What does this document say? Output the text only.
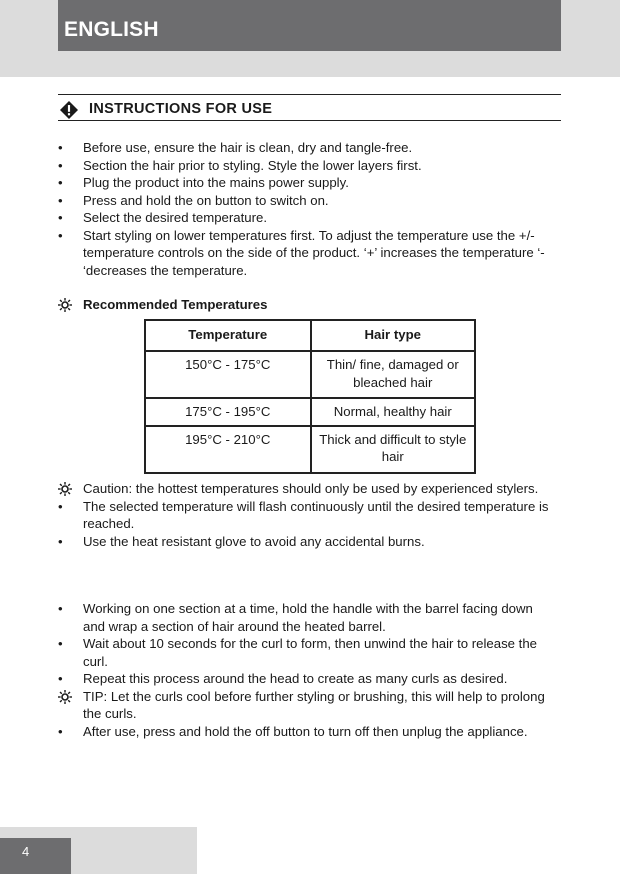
ENGLISH
INSTRUCTIONS FOR USE
•	Before use, ensure the hair is clean, dry and tangle-free.
•	Section the hair prior to styling. Style the lower layers first.
•	Plug the product into the mains power supply.
•	Press and hold the on button to switch on.
•	Select the desired temperature.
•	Start styling on lower temperatures first. To adjust the temperature use the +/- temperature controls on the side of the product. ‘+’ increases the temperature ‘- ‘decreases the temperature.
Recommended Temperatures
Temperature	Hair type
150°C - 175°C	Thin/ fine, damaged or bleached hair
175°C - 195°C	Normal, healthy hair
195°C - 210°C	Thick and difficult to style hair
Caution: the hottest temperatures should only be used by experienced stylers.
•	The selected temperature will flash continuously until the desired temperature is reached.
•	Use the heat resistant glove to avoid any accidental burns.
•	Working on one section at a time, hold the handle with the barrel facing down and wrap a section of hair around the heated barrel.
•	Wait about 10 seconds for the curl to form, then unwind the hair to release the curl.
•	Repeat this process around the head to create as many curls as desired.
TIP: Let the curls cool before further styling or brushing, this will help to prolong the curls.
•	After use, press and hold the off button to turn off then unplug the appliance.
4
